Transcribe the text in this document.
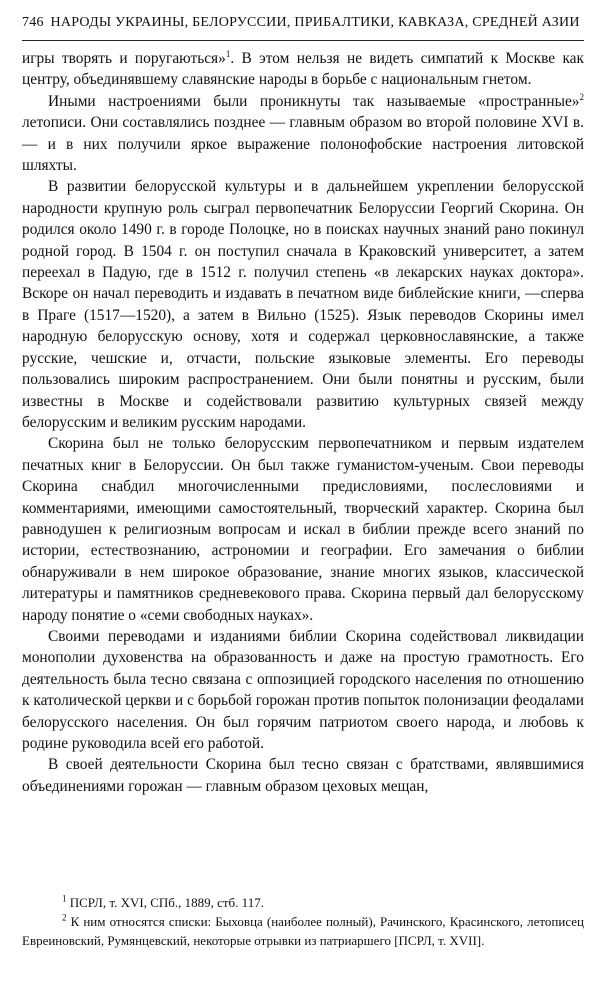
746 НАРОДЫ УКРАИНЫ, БЕЛОРУССИИ, ПРИБАЛТИКИ, КАВКАЗА, СРЕДНЕЙ АЗИИ

игры творять и поругаються»$^1$. В этом нельзя не видеть симпатий к Москве как центру, объединявшему славянские народы в борьбе с национальным гнетом.

Иными настроениями были проникнуты так называемые «пространные»$^2$ летописи. Они составлялись позднее — главным образом во второй половине XVI в.— и в них получили яркое выражение полонофобские настроения литовской шляхты.

В развитии белорусской культуры и в дальнейшем укреплении белорусской народности крупную роль сыграл первопечатник Белоруссии Георгий Скорина. Он родился около 1490 г. в городе Полоцке, но в поисках научных знаний рано покинул родной город. В 1504 г. он поступил сначала в Краковский университет, а затем переехал в Падую, где в 1512 г. получил степень «в лекарских науках доктора». Вскоре он начал переводить и издавать в печатном виде библейские книги, —сперва в Праге (1517—1520), а затем в Вильно (1525). Язык переводов Скорины имел народную белорусскую основу, хотя и содержал церковнославянские, а также русские, чешские и, отчасти, польские языковые элементы. Его переводы пользовались широким распространением. Они были понятны и русским, были известны в Москве и содействовали развитию культурных связей между белорусским и великим русским народами.

Скорина был не только белорусским первопечатником и первым издателем печатных книг в Белоруссии. Он был также гуманистом-ученым. Свои переводы Скорина снабдил многочисленными предисловиями, послесловиями и комментариями, имеющими самостоятельный, творческий характер. Скорина был равнодушен к религиозным вопросам и искал в библии прежде всего знаний по истории, естествознанию, астрономии и географии. Его замечания о библии обнаруживали в нем широкое образование, знание многих языков, классической литературы и памятников средневекового права. Скорина первый дал белорусскому народу понятие о «семи свободных науках».

Своими переводами и изданиями библии Скорина содействовал ликвидации монополии духовенства на образованность и даже на простую грамотность. Его деятельность была тесно связана с оппозицией городского населения по отношению к католической церкви и с борьбой горожан против попыток полонизации феодалами белорусского населения. Он был горячим патриотом своего народа, и любовь к родине руководила всей его работой.

В своей деятельности Скорина был тесно связан с братствами, являвшимися объединениями горожан — главным образом цеховых мещан,

$^1$ ПСРЛ, т. XVI, СПб., 1889, стб. 117.

$^2$ К ним относятся списки: Быховца (наиболее полный), Рачинского, Красинского, летописец Евреиновский, Румянцевский, некоторые отрывки из патриаршего [ПСРЛ, т. XVII].
